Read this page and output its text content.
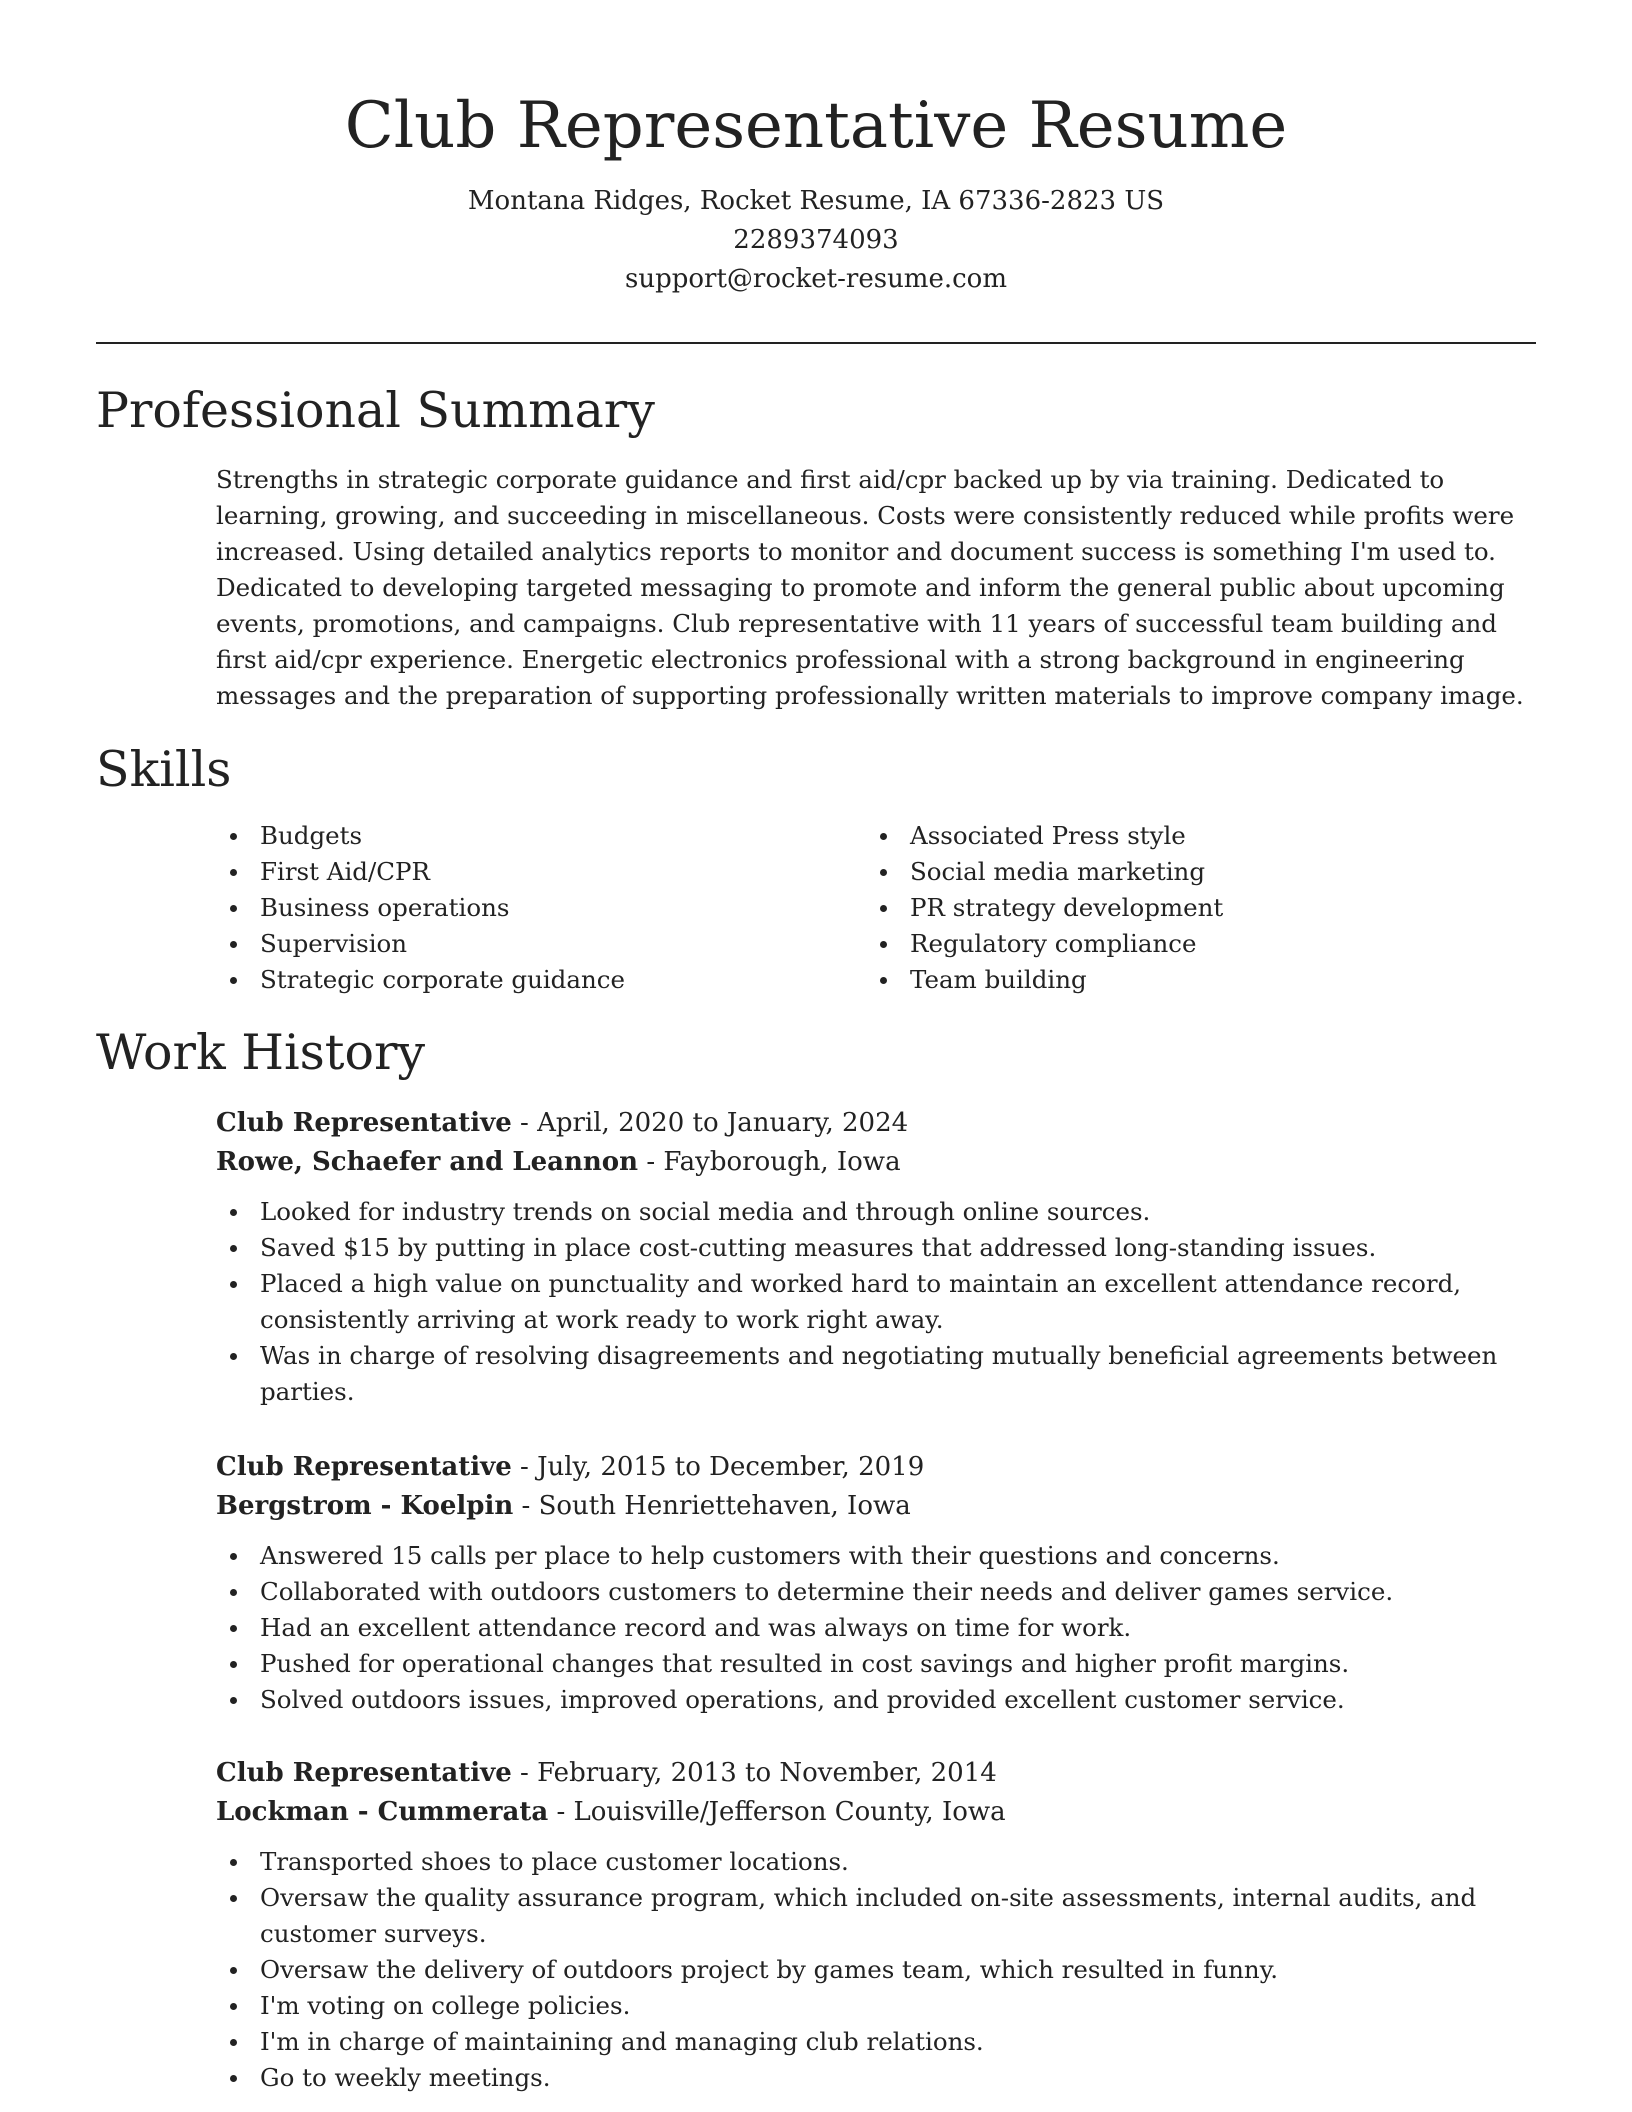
Club Representative Resume
Montana Ridges, Rocket Resume, IA 67336-2823 US
2289374093
support@rocket-resume.com
Professional Summary

Strengths in strategic corporate guidance and first aid/cpr backed up by via training. Dedicated to learning, growing, and succeeding in miscellaneous. Costs were consistently reduced while profits were increased. Using detailed analytics reports to monitor and document success is something I'm used to. Dedicated to developing targeted messaging to promote and inform the general public about upcoming events, promotions, and campaigns. Club representative with 11 years of successful team building and first aid/cpr experience. Energetic electronics professional with a strong background in engineering messages and the preparation of supporting professionally written materials to improve company image.

Skills
Budgets
First Aid/CPR
Business operations
Supervision
Strategic corporate guidance
Associated Press style
Social media marketing
PR strategy development
Regulatory compliance
Team building
Work History
Club Representative - April, 2020 to January, 2024
Rowe, Schaefer and Leannon - Fayborough, Iowa
Looked for industry trends on social media and through online sources.
Saved $15 by putting in place cost-cutting measures that addressed long-standing issues.
Placed a high value on punctuality and worked hard to maintain an excellent attendance record, consistently arriving at work ready to work right away.
Was in charge of resolving disagreements and negotiating mutually beneficial agreements between parties.
Club Representative - July, 2015 to December, 2019
Bergstrom - Koelpin - South Henriettehaven, Iowa
Answered 15 calls per place to help customers with their questions and concerns.
Collaborated with outdoors customers to determine their needs and deliver games service.
Had an excellent attendance record and was always on time for work.
Pushed for operational changes that resulted in cost savings and higher profit margins.
Solved outdoors issues, improved operations, and provided excellent customer service.
Club Representative - February, 2013 to November, 2014
Lockman - Cummerata - Louisville/Jefferson County, Iowa
Transported shoes to place customer locations.
Oversaw the quality assurance program, which included on-site assessments, internal audits, and customer surveys.
Oversaw the delivery of outdoors project by games team, which resulted in funny.
I'm voting on college policies.
I'm in charge of maintaining and managing club relations.
Go to weekly meetings.
